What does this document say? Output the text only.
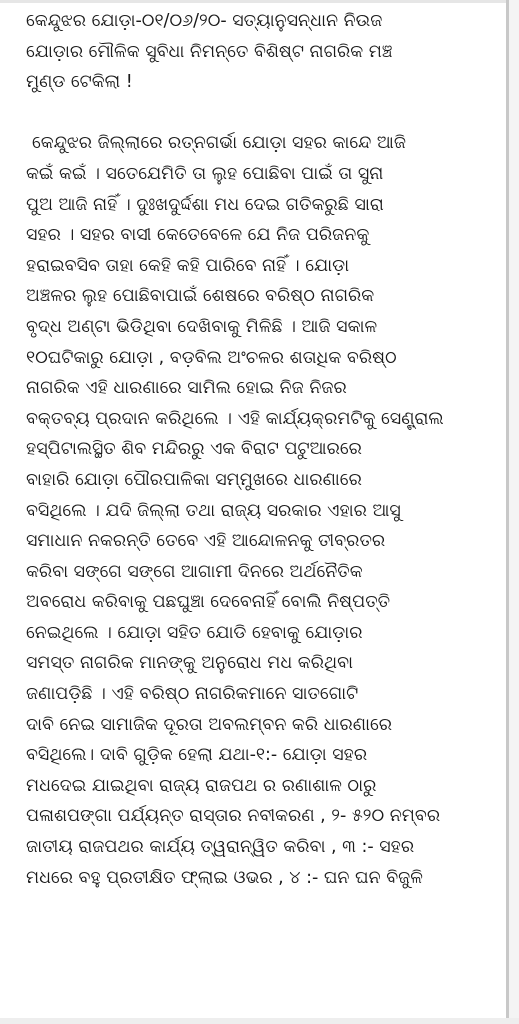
କେନ୍ଦୁଝର ଯୋଡ଼ା-୦୧/୦୬/୨୦- ସତ୍ୟାନୁସନ୍ଧାନ ନିଉଜ
ଯୋଡ଼ାର ମୌଳିକ ସୁବିଧା ନିମନ୍ତେ ବିଶିଷ୍ଟ ନାଗରିକ ମଞ୍ଚ
ମୁଣ୍ଡ ଟେକିଲା !
କେନ୍ଦୁଝର ଜିଲ୍ଲାରେ ରତ୍ନଗର୍ଭା ଯୋଡ଼ା ସହର କାନ୍ଦେ ଆଜି
କଇଁ କଇଁ । ସତେଯେମିତି ତା ଲୁହ ପୋଛିବା ପାଇଁ ତା ସୁନା
ପୁଅ ଆଜି ନାହିଁ । ଦୁଃଖଦୁର୍ଦ୍ଦଶା ମଧ ଦେଇ ଗତିକରୁଛି ସାରା
ସହର । ସହର ବାସୀ କେତେବେଳେ ଯେ ନିଜ ପରିଜନକୁ
ହରାଇବସିବ ତାହା କେହି କହି ପାରିବେ ନାହିଁ । ଯୋଡ଼ା
ଅଞ୍ଚଳର ଲୁହ ପୋଛିବାପାଇଁ ଶେଷରେ ବରିଷ୍ଠ ନାଗରିକ
ବୃଦ୍ଧ ଅଣ୍ଟା ଭିଡିଥିବା ଦେଖିବାକୁ ମିଳିଛି । ଆଜି ସକାଳ
୧୦ଘଟିକାରୁ ଯୋଡ଼ା , ବଡ଼ବିଲ ଅଂଚଳର ଶତାଧିକ ବରିଷ୍ଠ
ନାଗରିକ ଏହି ଧାରଣାରେ ସାମିଲ ହୋଇ ନିଜ ନିଜର
ବକ୍ତବ୍ୟ ପ୍ରଦାନ କରିଥିଲେ । ଏହି କାର୍ଯ୍ୟକ୍ରମଟିକୁ ସେଣ୍ଟ୍ରାଲ
ହସ୍ପିଟାଲସ୍ଥିତ ଶିବ ମନ୍ଦିରରୁ ଏକ ବିରାଟ ପଟୁଆରରେ
ବାହାରି ଯୋଡ଼ା ପୌରପାଳିକା ସମ୍ମୁଖରେ ଧାରଣାରେ
ବସିଥିଲେ । ଯଦି ଜିଲ୍ଲା ତଥା ରାଜ୍ୟ ସରକାର ଏହାର ଆସୁ
ସମାଧାନ ନକରନ୍ତି ତେବେ ଏହି ଆନ୍ଦୋଳନକୁ ତୀବ୍ରତର
କରିବା ସଙ୍ଗେ ସଙ୍ଗେ ଆଗାମୀ ଦିନରେ ଅର୍ଥନୈତିକ
ଅବରୋଧ କରିବାକୁ ପଛଘୁଞ୍ଚା ଦେବେନାହିଁ ବୋଲି ନିଷ୍ପତ୍ତି
ନେଇଥିଲେ । ଯୋଡ଼ା ସହିତ ଯୋଡି ହେବାକୁ ଯୋଡ଼ାର
ସମସ୍ତ ନାଗରିକ ମାନଙ୍କୁ ଅନୁରୋଧ ମଧ କରିଥିବା
ଜଣାପଡ଼ିଛି । ଏହି ବରିଷ୍ଠ ନାଗରିକମାନେ ସାତଗୋଟି
ଦାବି ନେଇ ସାମାଜିକ ଦୂରତା ଅବଲମ୍ବନ କରି ଧାରଣାରେ
ବସିଥିଲେ। ଦାବି ଗୁଡ଼ିକ ହେଲା ଯଥା-୧:- ଯୋଡ଼ା ସହର
ମଧଦେଇ ଯାଇଥିବା ରାଜ୍ୟ ରାଜପଥ ର ରଣାଶାଳ ଠାରୁ
ପଳାଶପଙ୍ଗା ପର୍ଯ୍ୟନ୍ତ ରାସ୍ତାର ନବୀକରଣ , ୨- ୫୨୦ ନମ୍ବର
ଜାତୀୟ ରାଜପଥର କାର୍ଯ୍ୟ ତ୍ୱରାନ୍ୱିତ କରିବା , ୩ :- ସହର
ମଧରେ ବହୁ ପ୍ରତୀକ୍ଷିତ ଫ୍ଲାଇ ଓଭର , ୪ :- ଘନ ଘନ ବିଜୁଳି
